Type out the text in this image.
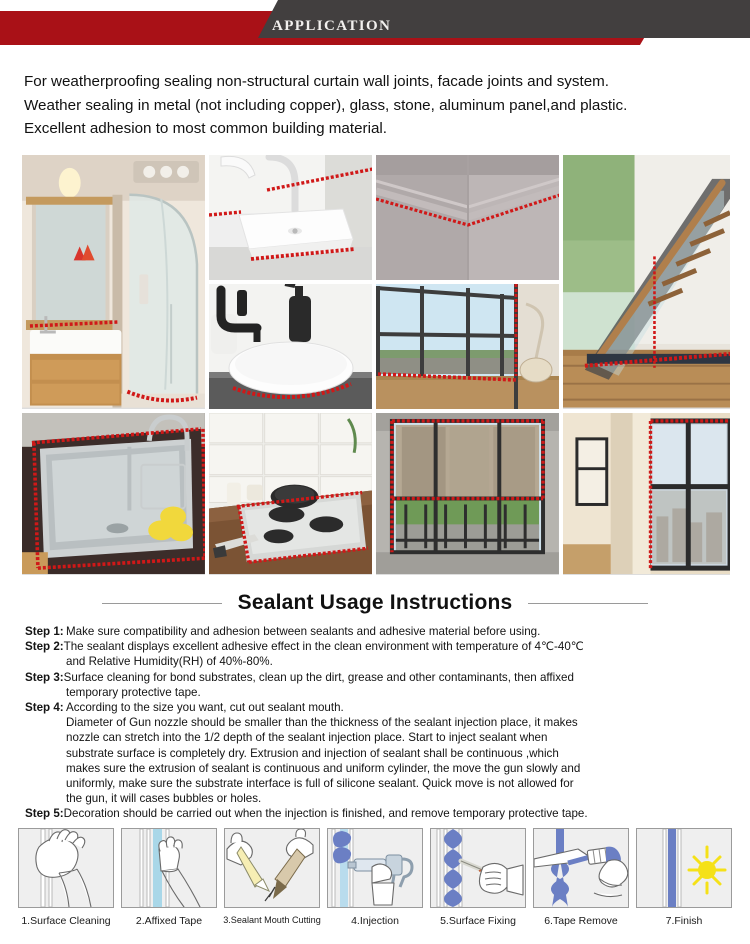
application
For weatherproofing sealing non-structural curtain wall joints, facade joints and system.
Weather sealing in metal (not including copper), glass, stone, aluminum panel,and plastic.
Excellent adhesion to most common building material.
Sealant Usage Instructions
Step 1: Make sure compatibility and adhesion between sealants and adhesive material before using.
Step 2: The sealant displays excellent adhesive effect in the clean environment with temperature of 4℃-40℃
and Relative Humidity(RH) of 40%-80%.
Step 3: Surface cleaning for bond substrates, clean up the dirt, grease and other contaminants, then affixed
temporary protective tape.
Step 4: According to the size you want, cut out sealant mouth.
Diameter of Gun nozzle should be smaller than the thickness of the sealant injection place, it makes
nozzle can stretch into the 1/2 depth of the sealant injection place. Start to inject sealant when
substrate surface is completely dry. Extrusion and injection of sealant shall be continuous ,which
makes sure the extrusion of sealant is continuous and uniform cylinder, the move the gun slowly and
uniformly, make sure the substrate interface is full of silicone sealant. Quick move is not allowed for
the gun, it will cases bubbles or holes.
Step 5: Decoration should be carried out when the injection is finished, and remove temporary protective tape.
1.Surface Cleaning 2.Affixed Tape 3.Sealant Mouth Cutting	4.Injection	5.Surface Fixing	6.Tape Remove	7.Finish
